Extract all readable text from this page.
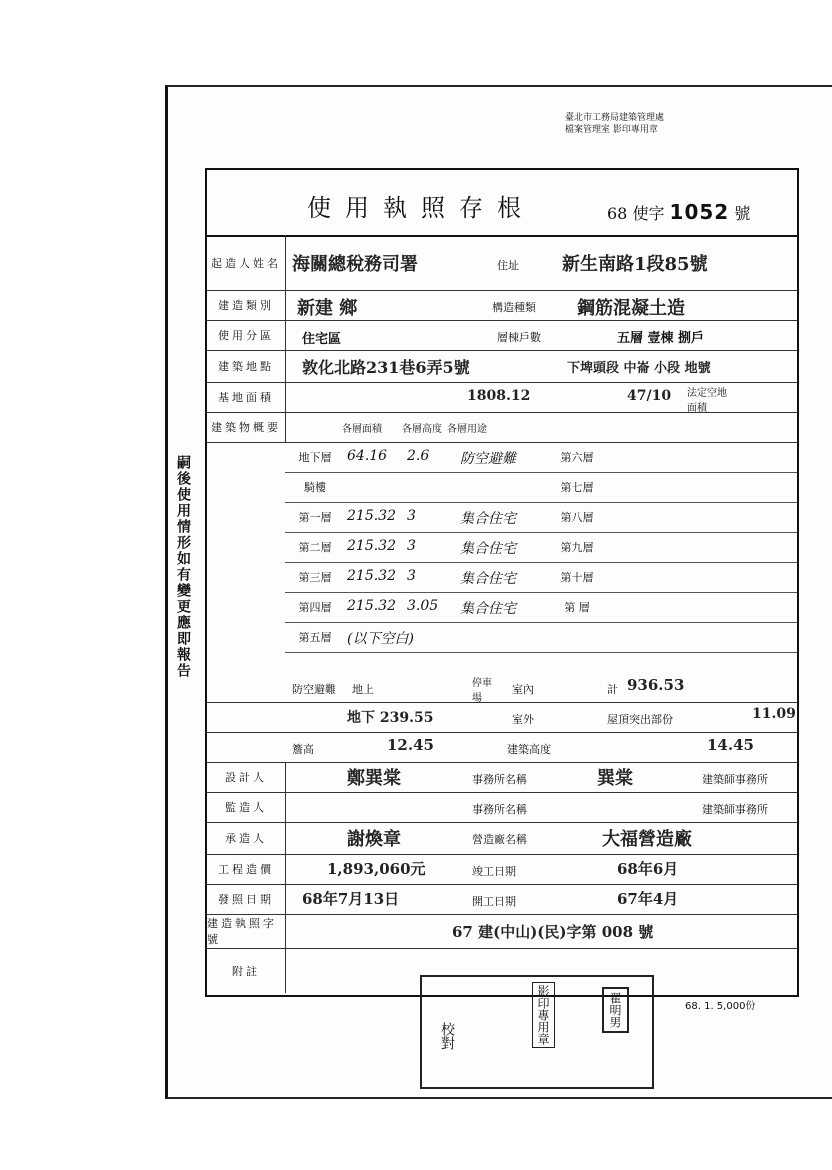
臺北市工務局建築管理處
檔案管理室 影印專用章
使用執照存根	68 使字 1052 號
起造人姓名 海關總稅務司署	住址 新生南路1段85號
建造類別	新建 鄉	構造種類 鋼筋混凝土造
使用分區	住宅區	層棟戶數	五層 壹棟 捌戶
建築地點	敦化北路231巷6弄5號	下埤頭段 中崙 小段 地號
基地面積	1808.12	47/10 法定空地面積
建築物概要	各層面積 各層高度 各層用途
地下層	64.16 2.6 防空避難	第六層
騎樓	第七層
第一層	215.32 3	集合住宅	第八層
第二層	215.32 3	集合住宅	第九層
第三層	215.32 3	集合住宅	第十層
第四層	215.32 3.05 集合住宅	第 層
第五層	(以下空白)
防空避難 地上	停車場
室內	計 936.53
地下 239.55	室外	屋頂突出部份	11.09
簷高	12.45	建築高度	14.45
設計人	鄭巽棠	事務所名稱	巽棠	建築師事務所
監造人	事務所名稱	建築師事務所
承造人	謝煥章	營造廠名稱	大福營造廠
工程造價	1,893,060元	竣工日期	68年6月
發照日期	68年7月13日	開工日期	67年4月
建造執照字號	67 建(中山)(民)字第 008 號
附註
嗣後使用情形如有變更應即報告
68. 1. 5,000份
校對	影印專用章	翟明男
